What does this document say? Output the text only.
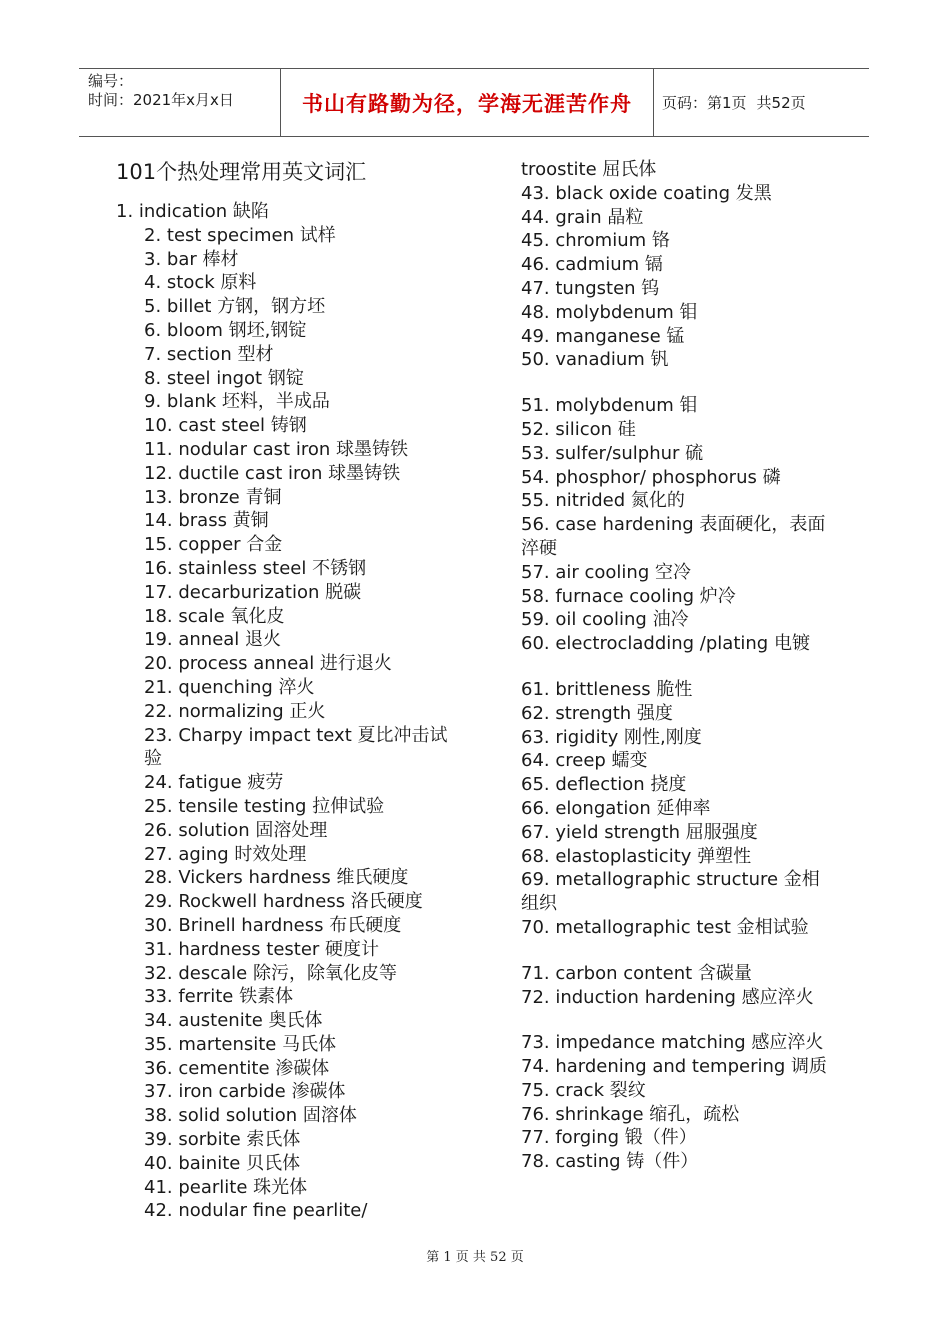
编号：
时间：2021年x月x日	书山有路勤为径，学海无涯苦作舟 页码：第1页 共52页
101个热处理常用英文词汇
1. indication 缺陷
2. test specimen 试样
3. bar 棒材
4. stock 原料
5. billet 方钢，钢方坯
6. bloom 钢坯,钢锭
7. section 型材
8. steel ingot 钢锭
9. blank 坯料，半成品
10. cast steel 铸钢
11. nodular cast iron 球墨铸铁
12. ductile cast iron 球墨铸铁
13. bronze 青铜
14. brass 黄铜
15. copper 合金
16. stainless steel 不锈钢
17. decarburization 脱碳
18. scale 氧化皮
19. anneal 退火
20. process anneal 进行退火
21. quenching 淬火
22. normalizing 正火
23. Charpy impact text 夏比冲击试验
24. fatigue 疲劳
25. tensile testing 拉伸试验
26. solution 固溶处理
27. aging 时效处理
28. Vickers hardness 维氏硬度
29. Rockwell hardness 洛氏硬度
30. Brinell hardness 布氏硬度
31. hardness tester 硬度计
32. descale 除污，除氧化皮等
33. ferrite 铁素体
34. austenite 奥氏体
35. martensite 马氏体
36. cementite 渗碳体
37. iron carbide 渗碳体
38. solid solution 固溶体
39. sorbite 索氏体
40. bainite 贝氏体
41. pearlite 珠光体
42. nodular fine pearlite/
troostite 屈氏体
43. black oxide coating 发黑
44. grain 晶粒
45. chromium 铬
46. cadmium 镉
47. tungsten 钨
48. molybdenum 钼
49. manganese 锰
50. vanadium 钒
51. molybdenum 钼
52. silicon 硅
53. sulfer/sulphur 硫
54. phosphor/ phosphorus 磷
55. nitrided 氮化的
56. case hardening 表面硬化，表面淬硬
57. air cooling 空冷
58. furnace cooling 炉冷
59. oil cooling 油冷
60. electrocladding /plating 电镀
61. brittleness 脆性
62. strength 强度
63. rigidity 刚性,刚度
64. creep 蠕变
65. deflection 挠度
66. elongation 延伸率
67. yield strength 屈服强度
68. elastoplasticity 弹塑性
69. metallographic structure 金相组织
70. metallographic test 金相试验
71. carbon content 含碳量
72. induction hardening 感应淬火
73. impedance matching 感应淬火
74. hardening and tempering 调质
75. crack 裂纹
76. shrinkage 缩孔，疏松
77. forging 锻（件）
78. casting 铸（件）
第 1 页 共 52 页
